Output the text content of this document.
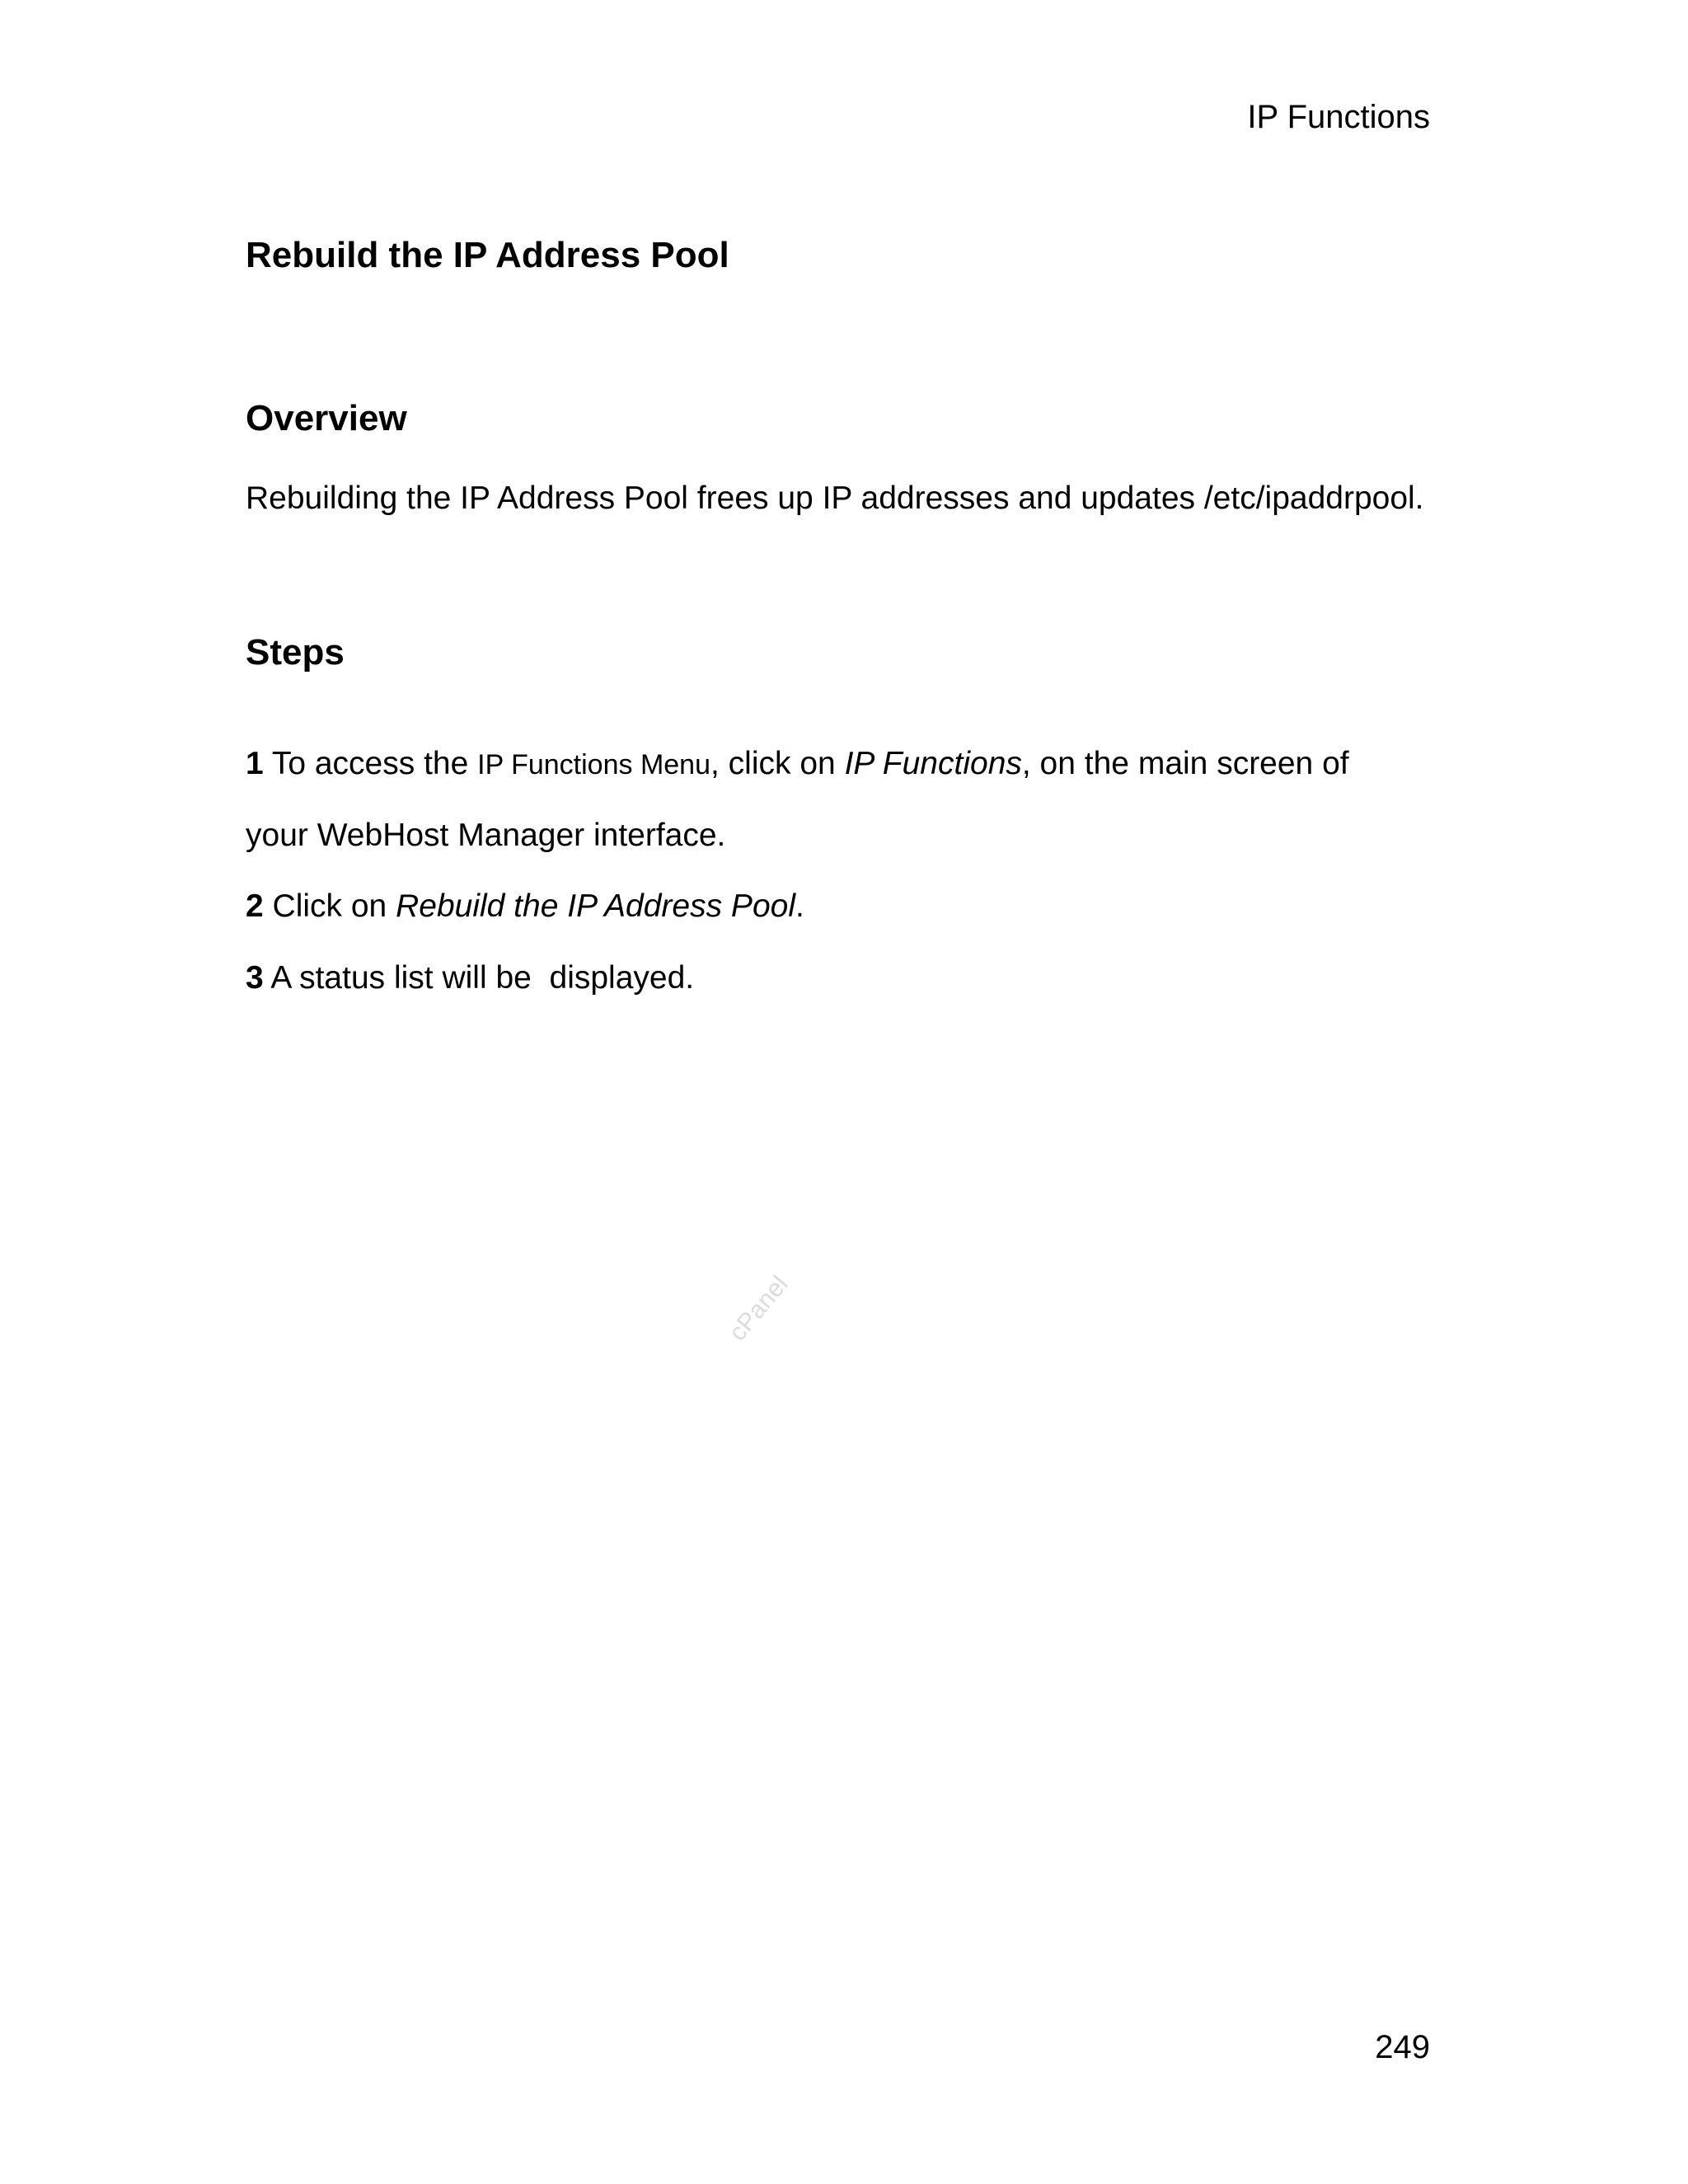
IP Functions
Rebuild the IP Address Pool
Overview

Rebuilding the IP Address Pool frees up IP addresses and updates /etc/ipaddrpool.

Steps

1 To access the IP Functions Menu, click on IP Functions, on the main screen of

your WebHost Manager interface.

2 Click on Rebuild the IP Address Pool.

3 A status list will be  displayed.

cPanel
249
